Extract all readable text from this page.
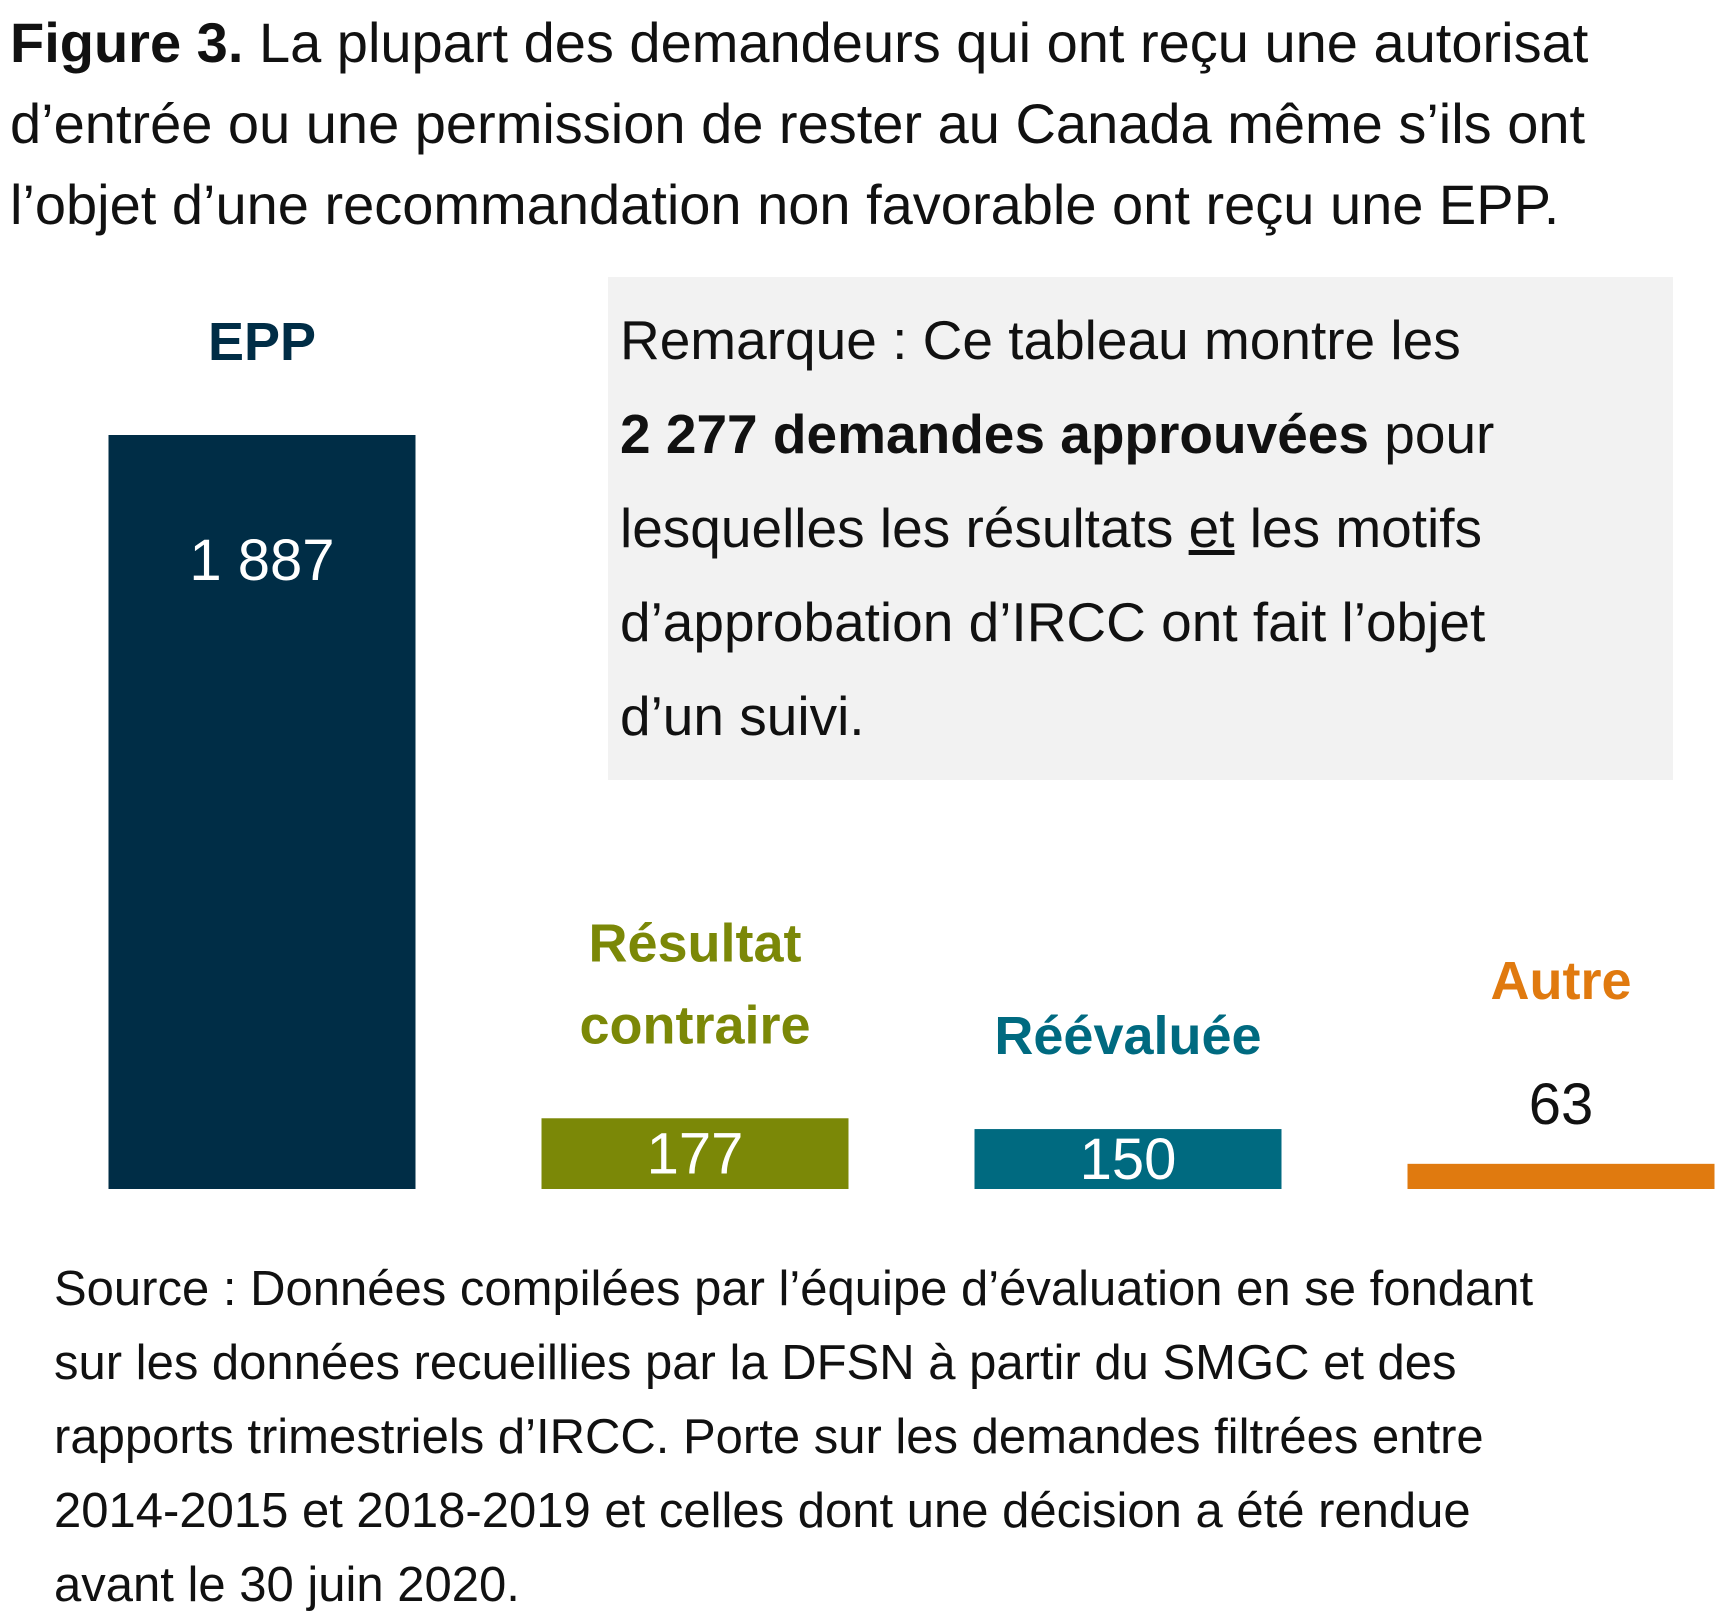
Figure 3. La plupart des demandeurs qui ont reçu une autorisat
d’entrée ou une permission de rester au Canada même s’ils ont
l’objet d’une recommandation non favorable ont reçu une EPP.
1 887
EPP
177
Résultat
contraire
150
Réévaluée
63
Autre
Remarque : Ce tableau montre les
2 277 demandes approuvées pour
lesquelles les résultats et les motifs
d’approbation d’IRCC ont fait l’objet
d’un suivi.
Source : Données compilées par l’équipe d’évaluation en se fondant
sur les données recueillies par la DFSN à partir du SMGC et des
rapports trimestriels d’IRCC. Porte sur les demandes filtrées entre
2014-2015 et 2018-2019 et celles dont une décision a été rendue
avant le 30 juin 2020.
